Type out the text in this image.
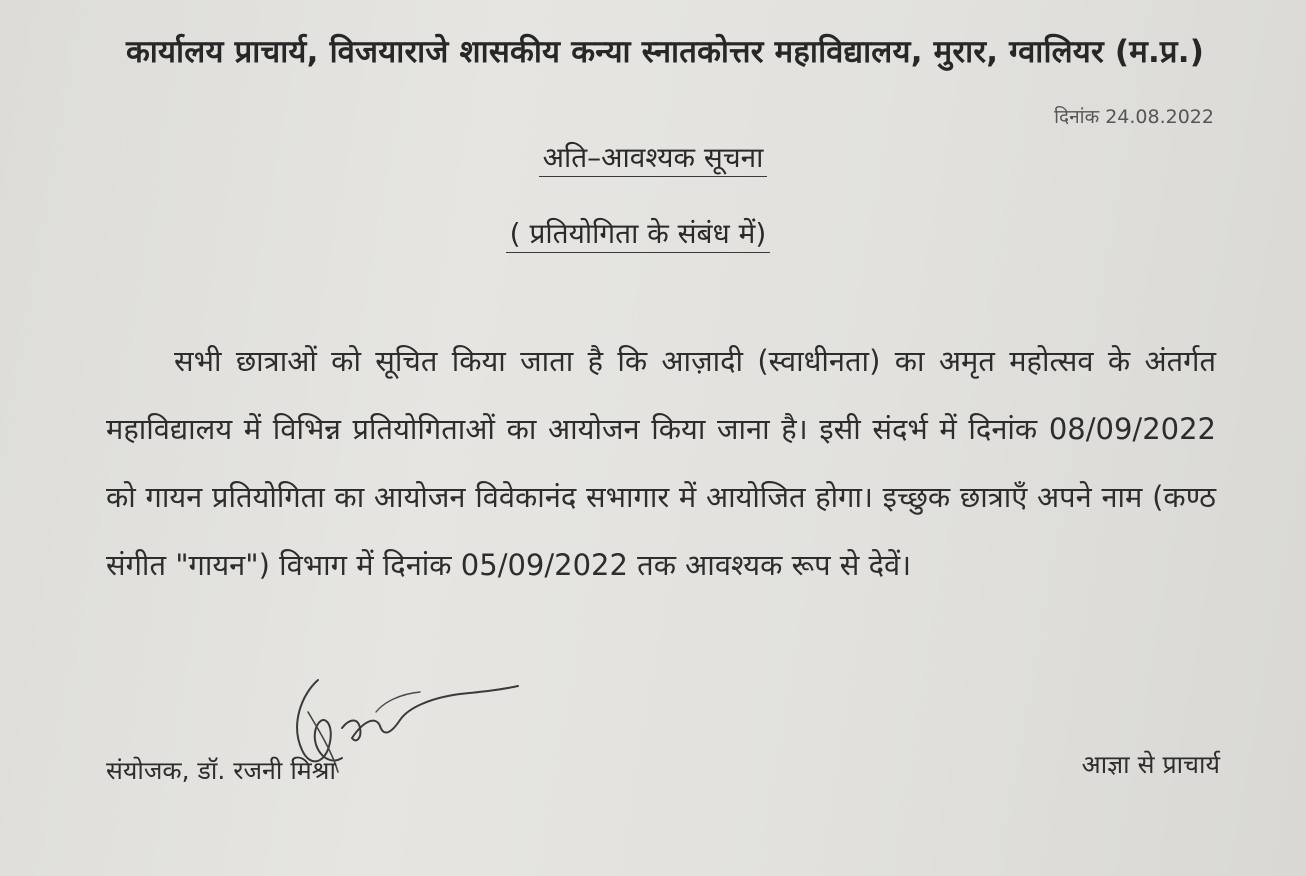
कार्यालय प्राचार्य, विजयाराजे शासकीय कन्या स्नातकोत्तर महाविद्यालय, मुरार, ग्वालियर (म.प्र.)
दिनांक 24.08.2022
अति–आवश्यक सूचना
( प्रतियोगिता के संबंध में)
सभी छात्राओं को सूचित किया जाता है कि आज़ादी (स्वाधीनता) का अमृत महोत्सव के अंतर्गत महाविद्यालय में विभिन्न प्रतियोगिताओं का आयोजन किया जाना है। इसी संदर्भ में दिनांक 08/09/2022 को गायन प्रतियोगिता का आयोजन विवेकानंद सभागार में आयोजित होगा। इच्छुक छात्राएँ अपने नाम (कण्ठ संगीत "गायन") विभाग में दिनांक 05/09/2022 तक आवश्यक रूप से देवें।
संयोजक, डॉ. रजनी मिश्रा	आज्ञा से प्राचार्य
